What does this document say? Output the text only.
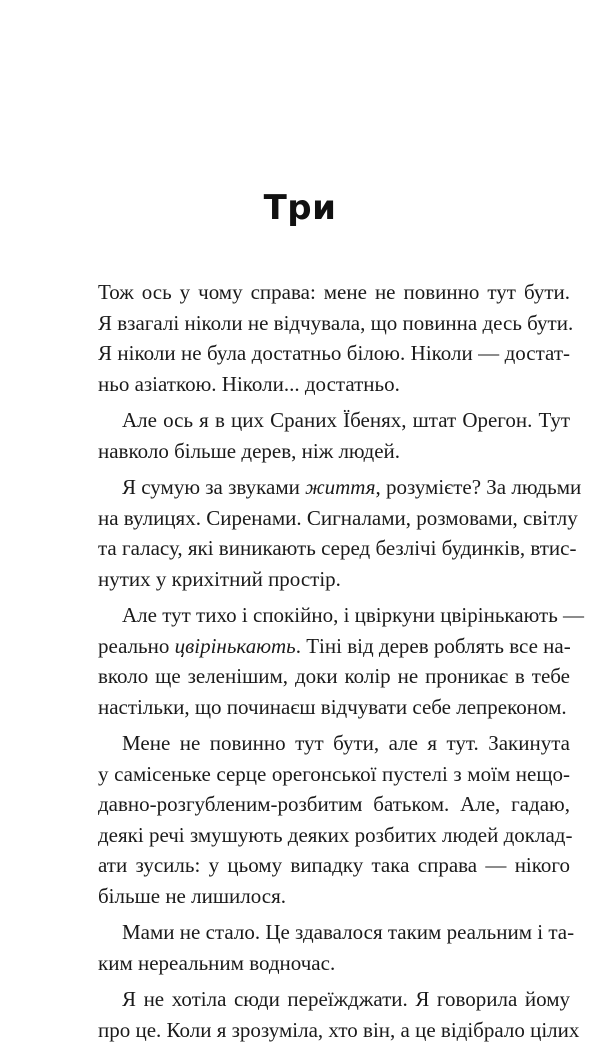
Три
Тож ось у чому справа: мене не повинно тут бути.
Я взагалі ніколи не відчувала, що повинна десь бути.
Я ніколи не була достатньо білою. Ніколи — достат-
ньо азіаткою. Ніколи... достатньо.
Але ось я в цих Сраних Їбенях, штат Орегон. Тут
навколо більше дерев, ніж людей.
Я сумую за звуками життя, розумієте? За людьми
на вулицях. Сиренами. Сигналами, розмовами, світлу
та галасу, які виникають серед безлічі будинків, втис-
нутих у крихітний простір.
Але тут тихо і спокійно, і цвіркуни цвірінькають —
реально цвірінькають. Тіні від дерев роблять все на-
вколо ще зеленішим, доки колір не проникає в тебе
настільки, що починаєш відчувати себе лепреконом.
Мене не повинно тут бути, але я тут. Закинута
у самісеньке серце орегонської пустелі з моїм нещо-
давно-розгубленим-розбитим батьком. Але, гадаю,
деякі речі змушують деяких розбитих людей доклад-
ати зусиль: у цьому випадку така справа — нікого
більше не лишилося.
Мами не стало. Це здавалося таким реальним і та-
ким нереальним водночас.
Я не хотіла сюди переїжджати. Я говорила йому
про це. Коли я зрозуміла, хто він, а це відібрало цілих
